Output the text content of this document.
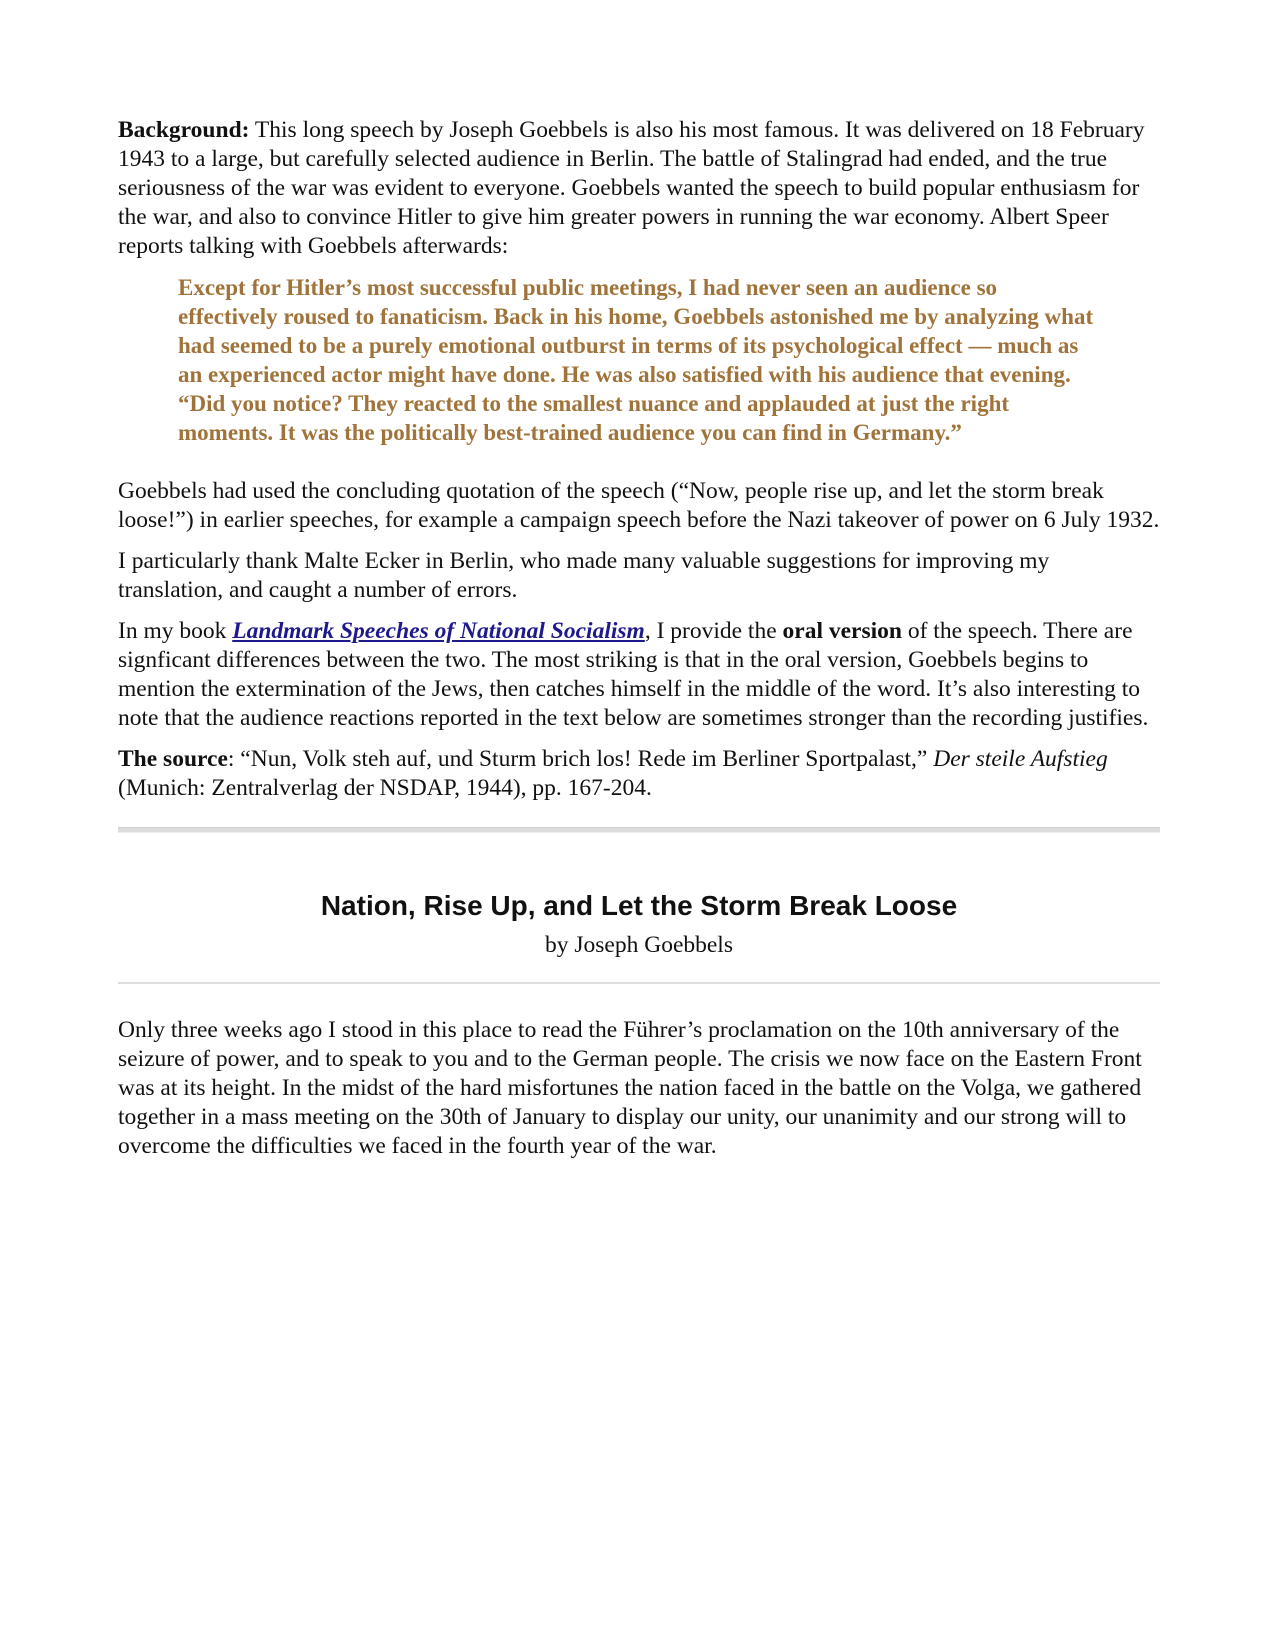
Background: This long speech by Joseph Goebbels is also his most famous. It was delivered on 18 February 1943 to a large, but carefully selected audience in Berlin. The battle of Stalingrad had ended, and the true seriousness of the war was evident to everyone. Goebbels wanted the speech to build popular enthusiasm for the war, and also to convince Hitler to give him greater powers in running the war economy. Albert Speer reports talking with Goebbels afterwards:

Except for Hitler’s most successful public meetings, I had never seen an audience so effectively roused to fanaticism. Back in his home, Goebbels astonished me by analyzing what had seemed to be a purely emotional outburst in terms of its psychological effect — much as an experienced actor might have done. He was also satisfied with his audience that evening. “Did you notice? They reacted to the smallest nuance and applauded at just the right moments. It was the politically best-trained audience you can find in Germany.”

Goebbels had used the concluding quotation of the speech (“Now, people rise up, and let the storm break loose!”) in earlier speeches, for example a campaign speech before the Nazi takeover of power on 6 July 1932.

I particularly thank Malte Ecker in Berlin, who made many valuable suggestions for improving my translation, and caught a number of errors.

In my book Landmark Speeches of National Socialism, I provide the oral version of the speech. There are signficant differences between the two. The most striking is that in the oral version, Goebbels begins to mention the extermination of the Jews, then catches himself in the middle of the word. It’s also interesting to note that the audience reactions reported in the text below are sometimes stronger than the recording justifies.

The source: “Nun, Volk steh auf, und Sturm brich los! Rede im Berliner Sportpalast,” Der steile Aufstieg (Munich: Zentralverlag der NSDAP, 1944), pp. 167-204.

Nation, Rise Up, and Let the Storm Break Loose
by Joseph Goebbels

Only three weeks ago I stood in this place to read the Führer’s proclamation on the 10th anniversary of the seizure of power, and to speak to you and to the German people. The crisis we now face on the Eastern Front was at its height. In the midst of the hard misfortunes the nation faced in the battle on the Volga, we gathered together in a mass meeting on the 30th of January to display our unity, our unanimity and our strong will to overcome the difficulties we faced in the fourth year of the war.
